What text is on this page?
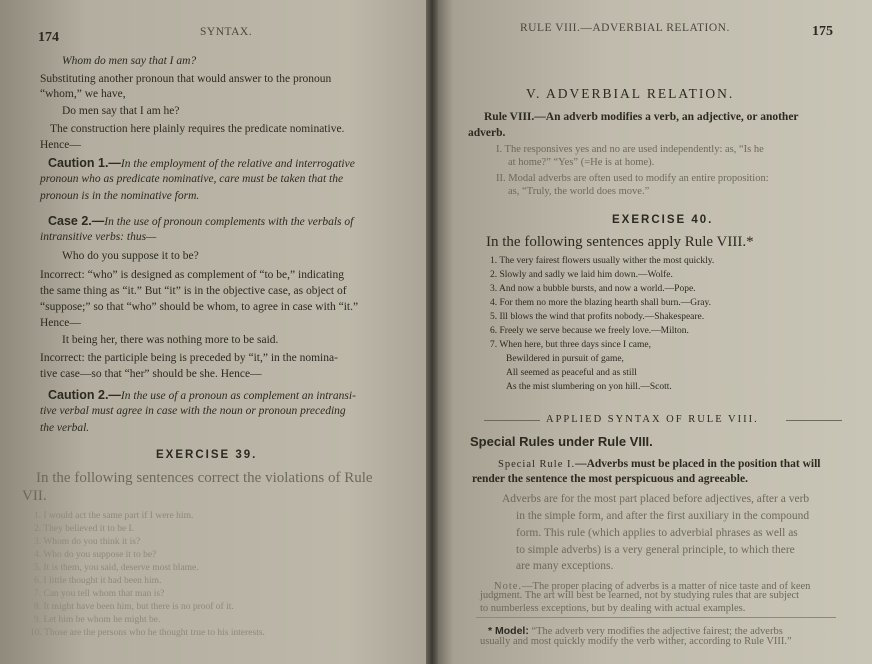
174	SYNTAX.
Whom do men say that I am?
Substituting another pronoun that would answer to the pronoun
“whom,” we have,
Do men say that I am he?
The construction here plainly requires the predicate nominative.
Hence—
Caution 1.—In the employment of the relative and interrogative
pronoun who as predicate nominative, care must be taken that the
pronoun is in the nominative form.
Case 2.—In the use of pronoun complements with the verbals of
intransitive verbs: thus—
Who do you suppose it to be?
Incorrect: “who” is designed as complement of “to be,” indicating
the same thing as “it.” But “it” is in the objective case, as object of
“suppose;” so that “who” should be whom, to agree in case with “it.”
Hence—
It being her, there was nothing more to be said.
Incorrect: the participle being is preceded by “it,” in the nomina-
tive case—so that “her” should be she. Hence—
Caution 2.—In the use of a pronoun as complement an intransi-
tive verbal must agree in case with the noun or pronoun preceding
the verbal.
EXERCISE 39.
In the following sentences correct the violations of Rule
VII.
1. I would act the same part if I were him.
2. They believed it to be I.
3. Whom do you think it is?
4. Who do you suppose it to be?
5. It is them, you said, deserve most blame.
6. I little thought it had been him.
7. Can you tell whom that man is?
8. It might have been him, but there is no proof of it.
9. Let him be whom he might be.
10. Those are the persons who he thought true to his interests.
RULE VIII.—ADVERBIAL RELATION.	175
V. ADVERBIAL RELATION.
Rule VIII.—An adverb modifies a verb, an adjective, or another
adverb.
I. The responsives yes and no are used independently: as, “Is he
at home?” “Yes” (=He is at home).
II. Modal adverbs are often used to modify an entire proposition:
as, “Truly, the world does move.”
EXERCISE 40.
In the following sentences apply Rule VIII.*
1. The very fairest flowers usually wither the most quickly.
2. Slowly and sadly we laid him down.—Wolfe.
3. And now a bubble bursts, and now a world.—Pope.
4. For them no more the blazing hearth shall burn.—Gray.
5. Ill blows the wind that profits nobody.—Shakespeare.
6. Freely we serve because we freely love.—Milton.
7. When here, but three days since I came,
Bewildered in pursuit of game,
All seemed as peaceful and as still
As the mist slumbering on yon hill.—Scott.
APPLIED SYNTAX OF RULE VIII.
Special Rules under Rule VIII.
Special Rule I.—Adverbs must be placed in the position that will
render the sentence the most perspicuous and agreeable.
Adverbs are for the most part placed before adjectives, after a verb
in the simple form, and after the first auxiliary in the compound
form. This rule (which applies to adverbial phrases as well as
to simple adverbs) is a very general principle, to which there
are many exceptions.
Note.—The proper placing of adverbs is a matter of nice taste and of keen
judgment. The art will best be learned, not by studying rules that are subject
to numberless exceptions, but by dealing with actual examples.
* Model: “The adverb very modifies the adjective fairest; the adverbs
usually and most quickly modify the verb wither, according to Rule VIII.”
